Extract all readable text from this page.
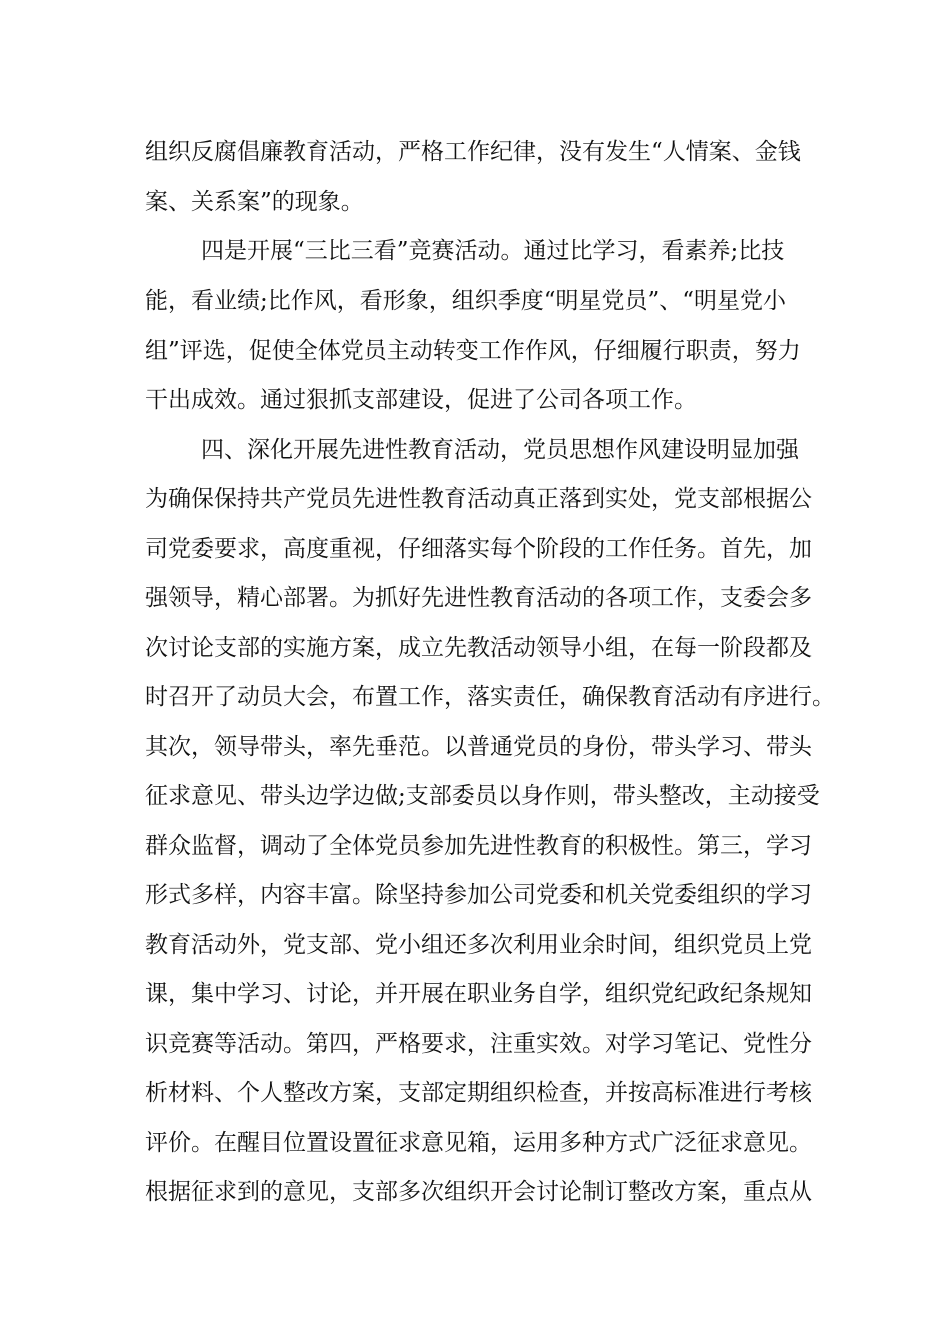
组织反腐倡廉教育活动，严格工作纪律，没有发生“人情案、金钱
案、关系案”的现象。
四是开展“三比三看”竞赛活动。通过比学习，看素养;比技
能，看业绩;比作风，看形象，组织季度“明星党员”、“明星党小
组”评选，促使全体党员主动转变工作作风，仔细履行职责，努力
干出成效。通过狠抓支部建设，促进了公司各项工作。
四、深化开展先进性教育活动，党员思想作风建设明显加强
为确保保持共产党员先进性教育活动真正落到实处，党支部根据公
司党委要求，高度重视，仔细落实每个阶段的工作任务。首先，加
强领导，精心部署。为抓好先进性教育活动的各项工作，支委会多
次讨论支部的实施方案，成立先教活动领导小组，在每一阶段都及
时召开了动员大会，布置工作，落实责任，确保教育活动有序进行。
其次，领导带头，率先垂范。以普通党员的身份，带头学习、带头
征求意见、带头边学边做;支部委员以身作则，带头整改，主动接受
群众监督，调动了全体党员参加先进性教育的积极性。第三，学习
形式多样，内容丰富。除坚持参加公司党委和机关党委组织的学习
教育活动外，党支部、党小组还多次利用业余时间，组织党员上党
课，集中学习、讨论，并开展在职业务自学，组织党纪政纪条规知
识竞赛等活动。第四，严格要求，注重实效。对学习笔记、党性分
析材料、个人整改方案，支部定期组织检查，并按高标准进行考核
评价。在醒目位置设置征求意见箱，运用多种方式广泛征求意见。
根据征求到的意见，支部多次组织开会讨论制订整改方案，重点从
